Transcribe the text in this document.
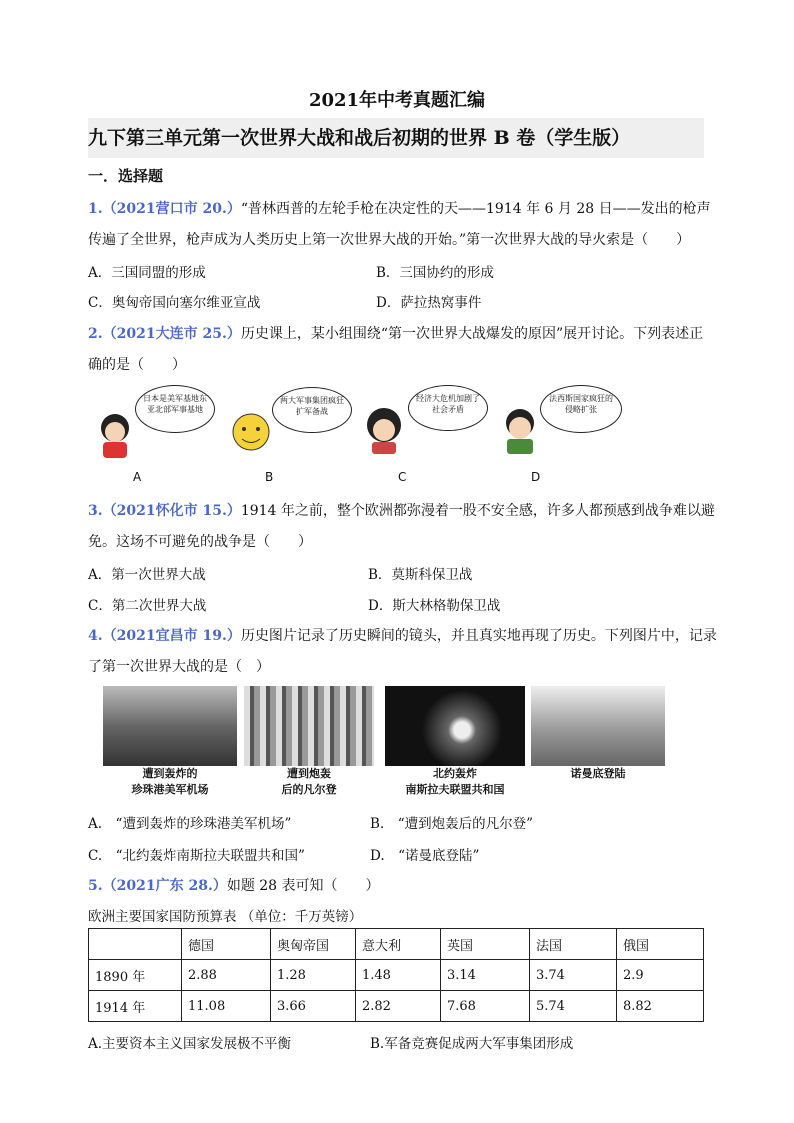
2021年中考真题汇编
九下第三单元第一次世界大战和战后初期的世界 B 卷（学生版）
一．选择题
1.（2021营口市 20.）“普林西普的左轮手枪在决定性的天——1914 年 6 月 28 日——发出的枪声
传遍了全世界，枪声成为人类历史上第一次世界大战的开始。”第一次世界大战的导火索是（　　）
A．三国同盟的形成	B．三国协约的形成
C．奥匈帝国向塞尔维亚宣战	D．萨拉热窝事件
2.（2021大连市 25.）历史课上，某小组围绕“第一次世界大战爆发的原因”展开讨论。下列表述正
确的是（　　）
日本是美军基地东亚北部军事基地
两大军事集团疯狂扩军备战
经济大危机加剧了社会矛盾
法西斯国家疯狂的侵略扩张
A	B	C	D
3.（2021怀化市 15.）1914 年之前，整个欧洲都弥漫着一股不安全感，许多人都预感到战争难以避
免。这场不可避免的战争是（　　）
A．第一次世界大战	B．莫斯科保卫战
C．第二次世界大战	D．斯大林格勒保卫战
4.（2021宜昌市 19.）历史图片记录了历史瞬间的镜头，并且真实地再现了历史。下列图片中，记录
了第一次世界大战的是（　）
遭到轰炸的
珍珠港美军机场
遭到炮轰
后的凡尔登
北约轰炸
南斯拉夫联盟共和国
诺曼底登陆
A.　“遭到轰炸的珍珠港美军机场”	B.　“遭到炮轰后的凡尔登”
C.　“北约轰炸南斯拉夫联盟共和国”	D.　“诺曼底登陆”
5.（2021广东 28.）如题 28 表可知（　　）
欧洲主要国家国防预算表 （单位：千万英镑）
	德国	奥匈帝国	意大利	英国	法国	俄国
1890 年	2.88	1.28	1.48	3.14	3.74	2.9
1914 年	11.08	3.66	2.82	7.68	5.74	8.82
A.主要资本主义国家发展极不平衡	B.军备竞赛促成两大军事集团形成
